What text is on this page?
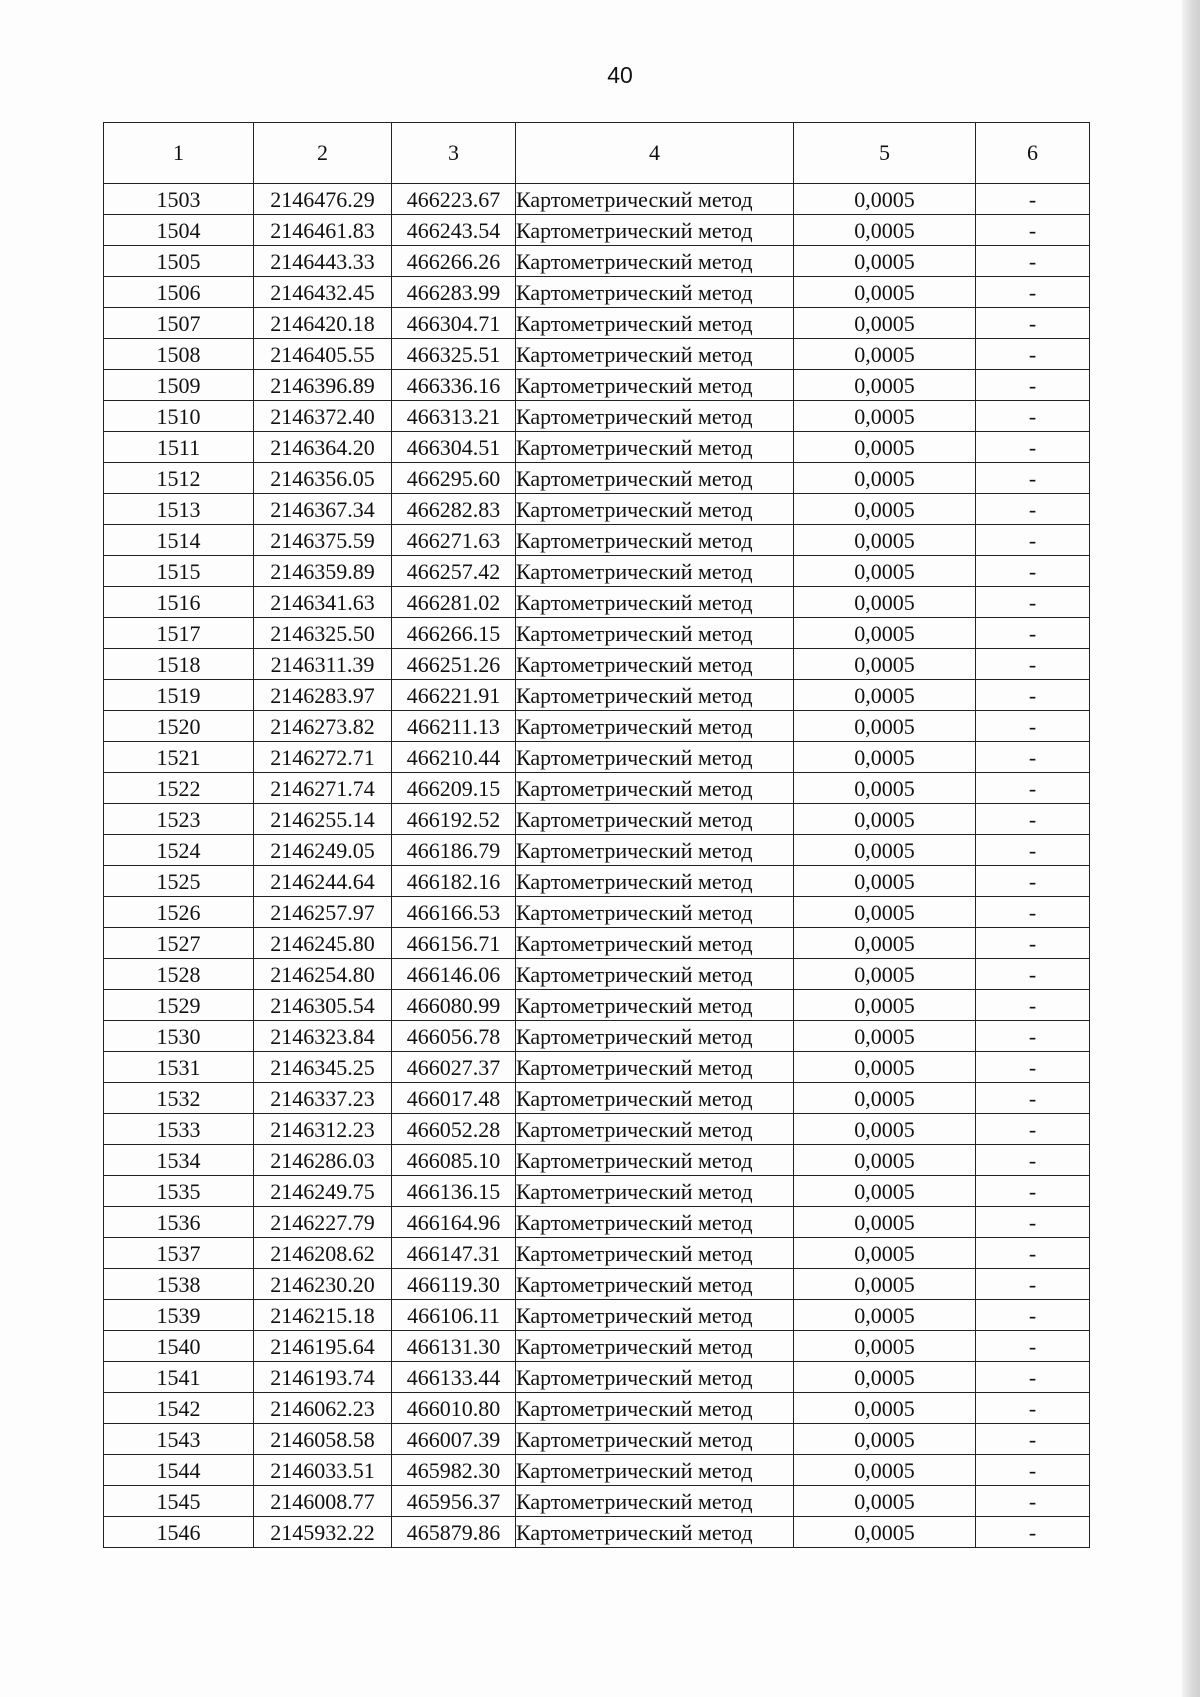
40
1	2	3	4	5	6
1503	2146476.29	466223.67	Картометрический метод	0,0005	-
1504	2146461.83	466243.54	Картометрический метод	0,0005	-
1505	2146443.33	466266.26	Картометрический метод	0,0005	-
1506	2146432.45	466283.99	Картометрический метод	0,0005	-
1507	2146420.18	466304.71	Картометрический метод	0,0005	-
1508	2146405.55	466325.51	Картометрический метод	0,0005	-
1509	2146396.89	466336.16	Картометрический метод	0,0005	-
1510	2146372.40	466313.21	Картометрический метод	0,0005	-
1511	2146364.20	466304.51	Картометрический метод	0,0005	-
1512	2146356.05	466295.60	Картометрический метод	0,0005	-
1513	2146367.34	466282.83	Картометрический метод	0,0005	-
1514	2146375.59	466271.63	Картометрический метод	0,0005	-
1515	2146359.89	466257.42	Картометрический метод	0,0005	-
1516	2146341.63	466281.02	Картометрический метод	0,0005	-
1517	2146325.50	466266.15	Картометрический метод	0,0005	-
1518	2146311.39	466251.26	Картометрический метод	0,0005	-
1519	2146283.97	466221.91	Картометрический метод	0,0005	-
1520	2146273.82	466211.13	Картометрический метод	0,0005	-
1521	2146272.71	466210.44	Картометрический метод	0,0005	-
1522	2146271.74	466209.15	Картометрический метод	0,0005	-
1523	2146255.14	466192.52	Картометрический метод	0,0005	-
1524	2146249.05	466186.79	Картометрический метод	0,0005	-
1525	2146244.64	466182.16	Картометрический метод	0,0005	-
1526	2146257.97	466166.53	Картометрический метод	0,0005	-
1527	2146245.80	466156.71	Картометрический метод	0,0005	-
1528	2146254.80	466146.06	Картометрический метод	0,0005	-
1529	2146305.54	466080.99	Картометрический метод	0,0005	-
1530	2146323.84	466056.78	Картометрический метод	0,0005	-
1531	2146345.25	466027.37	Картометрический метод	0,0005	-
1532	2146337.23	466017.48	Картометрический метод	0,0005	-
1533	2146312.23	466052.28	Картометрический метод	0,0005	-
1534	2146286.03	466085.10	Картометрический метод	0,0005	-
1535	2146249.75	466136.15	Картометрический метод	0,0005	-
1536	2146227.79	466164.96	Картометрический метод	0,0005	-
1537	2146208.62	466147.31	Картометрический метод	0,0005	-
1538	2146230.20	466119.30	Картометрический метод	0,0005	-
1539	2146215.18	466106.11	Картометрический метод	0,0005	-
1540	2146195.64	466131.30	Картометрический метод	0,0005	-
1541	2146193.74	466133.44	Картометрический метод	0,0005	-
1542	2146062.23	466010.80	Картометрический метод	0,0005	-
1543	2146058.58	466007.39	Картометрический метод	0,0005	-
1544	2146033.51	465982.30	Картометрический метод	0,0005	-
1545	2146008.77	465956.37	Картометрический метод	0,0005	-
1546	2145932.22	465879.86	Картометрический метод	0,0005	-
